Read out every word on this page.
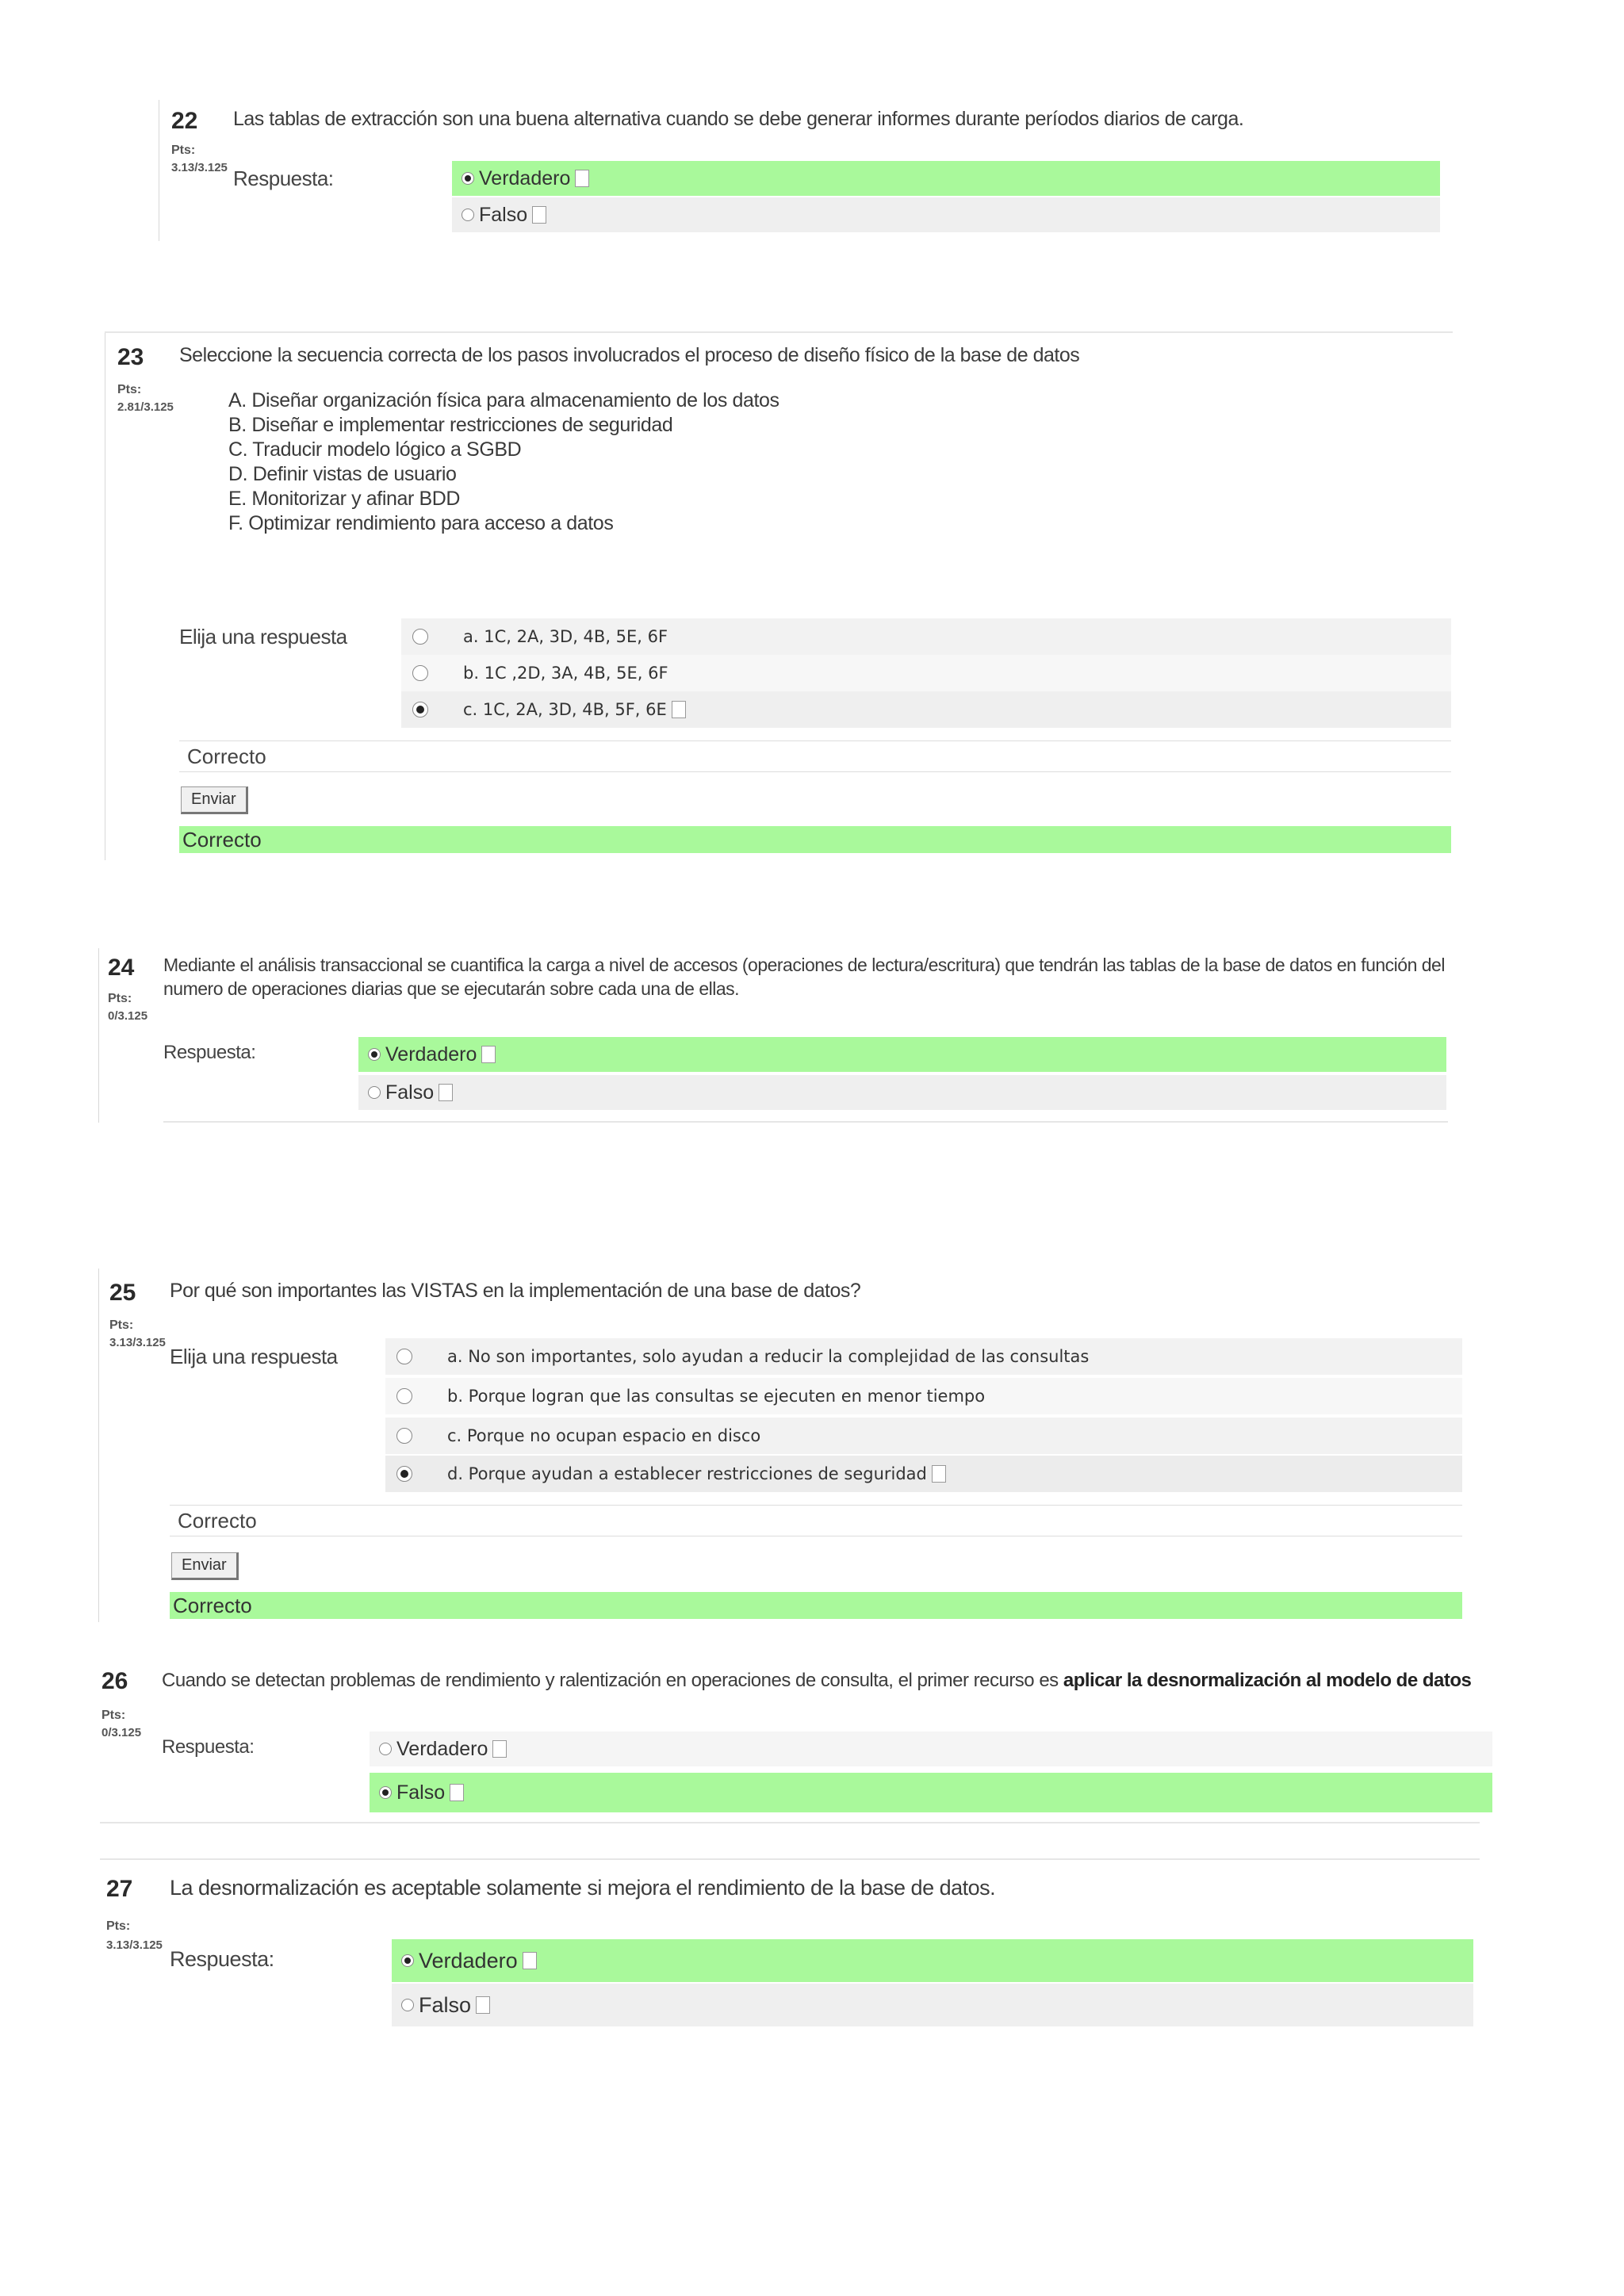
22 Las tablas de extracción son una buena alternativa cuando se debe generar informes durante períodos diarios de carga.
Pts:
3.13/3.125 Respuesta:	Verdadero
Falso
23 Seleccione la secuencia correcta de los pasos involucrados el proceso de diseño físico de la base de datos
Pts:
2.81/3.125	A. Diseñar organización física para almacenamiento de los datos
B. Diseñar e implementar restricciones de seguridad
C. Traducir modelo lógico a SGBD
D. Definir vistas de usuario
E. Monitorizar y afinar BDD
F. Optimizar rendimiento para acceso a datos
Elija una respuesta	a. 1C, 2A, 3D, 4B, 5E, 6F
b. 1C ,2D, 3A, 4B, 5E, 6F
c. 1C, 2A, 3D, 4B, 5F, 6E
Correcto
Enviar
Correcto
24 Mediante el análisis transaccional se cuantifica la carga a nivel de accesos (operaciones de lectura/escritura) que tendrán las tablas de la base de datos en función del
numero de operaciones diarias que se ejecutarán sobre cada una de ellas.
Pts:
0/3.125
Respuesta:	Verdadero
Falso
25 Por qué son importantes las VISTAS en la implementación de una base de datos?
Pts:
3.13/3.125
Elija una respuesta	a. No son importantes, solo ayudan a reducir la complejidad de las consultas
b. Porque logran que las consultas se ejecuten en menor tiempo
c. Porque no ocupan espacio en disco
d. Porque ayudan a establecer restricciones de seguridad
Correcto
Enviar
Correcto
26 Cuando se detectan problemas de rendimiento y ralentización en operaciones de consulta, el primer recurso es aplicar la desnormalización al modelo de datos
Pts:
0/3.125
Respuesta:	Verdadero
Falso
27 La desnormalización es aceptable solamente si mejora el rendimiento de la base de datos.
Pts:
3.13/3.125
Respuesta:	Verdadero
Falso
